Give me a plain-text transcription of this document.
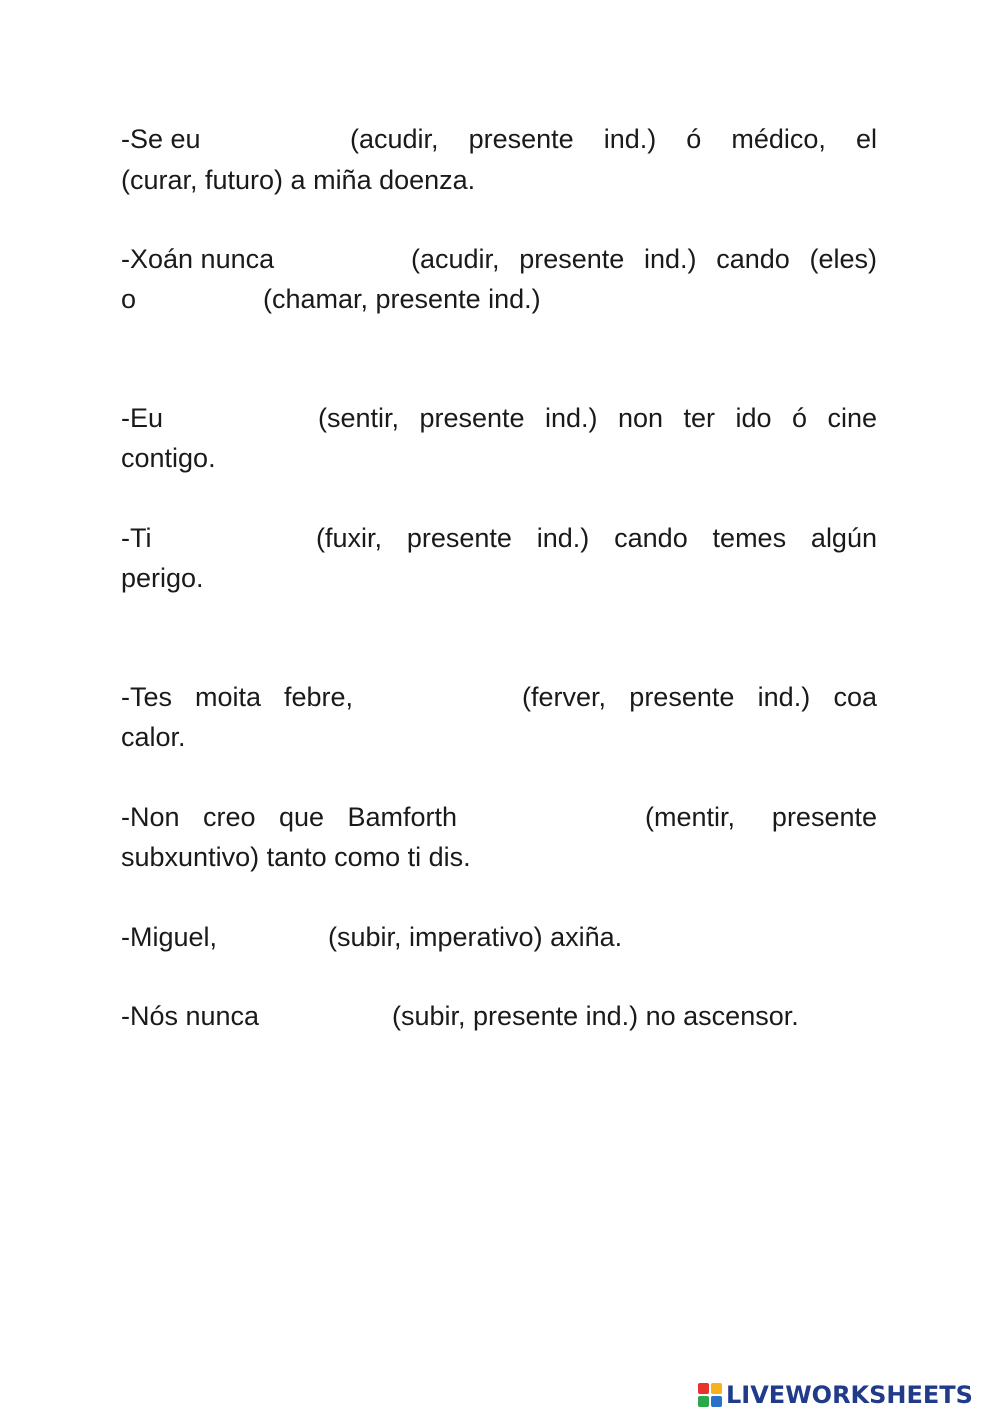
-Se eu	(acudir, presente ind.) ó médico, el
(curar, futuro) a miña doenza.
-Xoán nunca	(acudir, presente ind.) cando (eles)
o	(chamar, presente ind.)
-Eu	(sentir, presente ind.) non ter ido ó cine
contigo.
-Ti	(fuxir, presente ind.) cando temes algún
perigo.
-Tes moita febre,	(ferver, presente ind.) coa
calor.
-Non creo que Bamforth	(mentir, presente
subxuntivo) tanto como ti dis.
-Miguel,	(subir, imperativo) axiña.
-Nós nunca	(subir, presente ind.) no ascensor.
LIVEWORKSHEETS
